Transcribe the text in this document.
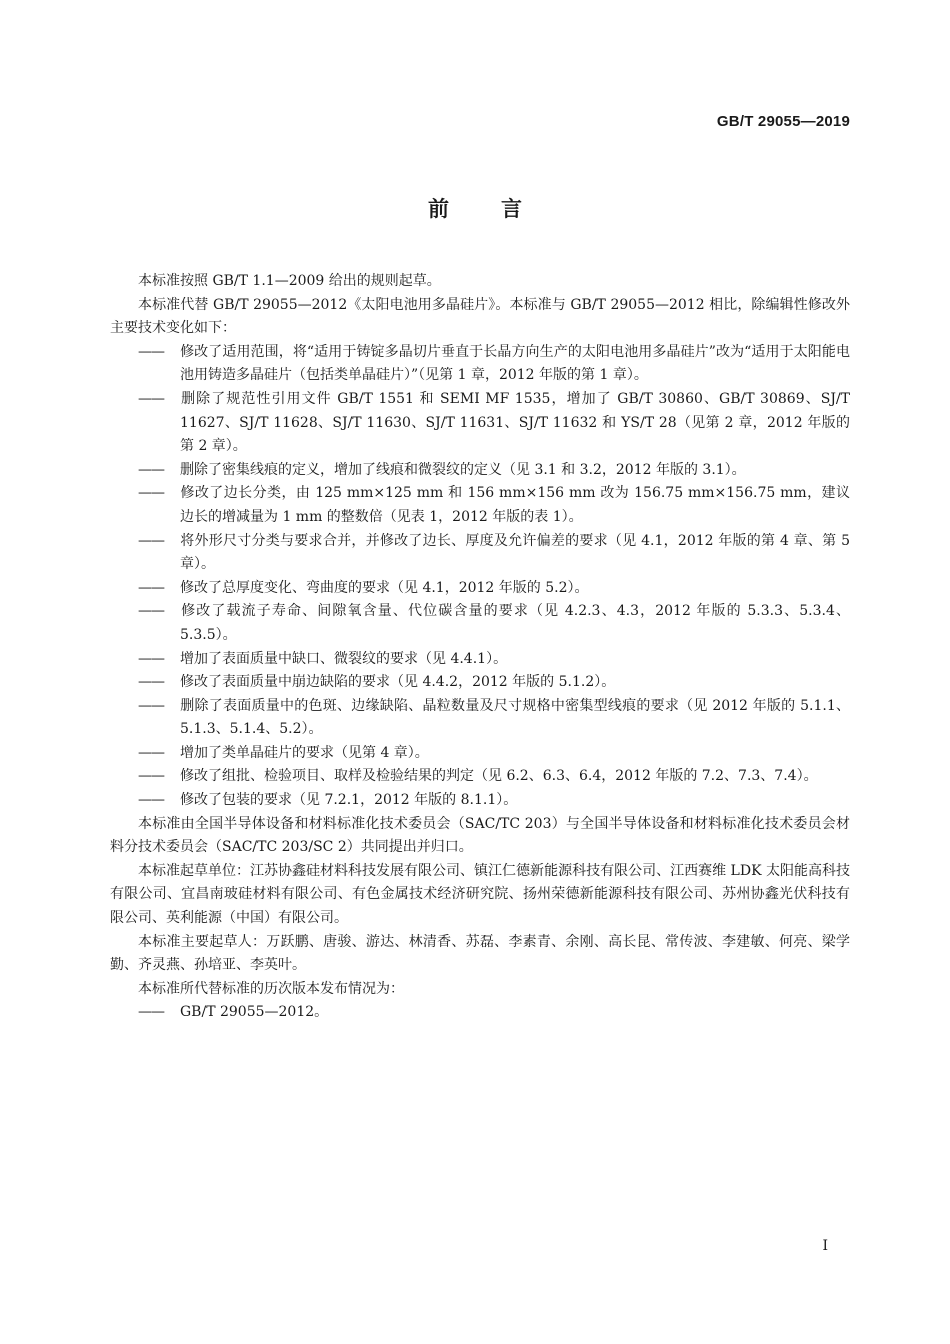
GB/T 29055—2019
前言

本标准按照 GB/T 1.1—2009 给出的规则起草。

本标准代替 GB/T 29055—2012《太阳电池用多晶硅片》。本标准与 GB/T 29055—2012 相比，除编辑性修改外主要技术变化如下：

—— 修改了适用范围，将“适用于铸锭多晶切片垂直于长晶方向生产的太阳电池用多晶硅片”改为“适用于太阳能电池用铸造多晶硅片（包括类单晶硅片）”（见第 1 章，2012 年版的第 1 章）。

—— 删除了规范性引用文件 GB/T 1551 和 SEMI MF 1535，增加了 GB/T 30860、GB/T 30869、SJ/T 11627、SJ/T 11628、SJ/T 11630、SJ/T 11631、SJ/T 11632 和 YS/T 28（见第 2 章，2012 年版的第 2 章）。

—— 删除了密集线痕的定义，增加了线痕和微裂纹的定义（见 3.1 和 3.2，2012 年版的 3.1）。

—— 修改了边长分类，由 125 mm×125 mm 和 156 mm×156 mm 改为 156.75 mm×156.75 mm，建议边长的增减量为 1 mm 的整数倍（见表 1，2012 年版的表 1）。

—— 将外形尺寸分类与要求合并，并修改了边长、厚度及允许偏差的要求（见 4.1，2012 年版的第 4 章、第 5 章）。

—— 修改了总厚度变化、弯曲度的要求（见 4.1，2012 年版的 5.2）。

—— 修改了载流子寿命、间隙氧含量、代位碳含量的要求（见 4.2.3、4.3，2012 年版的 5.3.3、5.3.4、5.3.5）。

—— 增加了表面质量中缺口、微裂纹的要求（见 4.4.1）。

—— 修改了表面质量中崩边缺陷的要求（见 4.4.2，2012 年版的 5.1.2）。

—— 删除了表面质量中的色斑、边缘缺陷、晶粒数量及尺寸规格中密集型线痕的要求（见 2012 年版的 5.1.1、5.1.3、5.1.4、5.2）。

—— 增加了类单晶硅片的要求（见第 4 章）。

—— 修改了组批、检验项目、取样及检验结果的判定（见 6.2、6.3、6.4，2012 年版的 7.2、7.3、7.4）。

—— 修改了包装的要求（见 7.2.1，2012 年版的 8.1.1）。

本标准由全国半导体设备和材料标准化技术委员会（SAC/TC 203）与全国半导体设备和材料标准化技术委员会材料分技术委员会（SAC/TC 203/SC 2）共同提出并归口。

本标准起草单位：江苏协鑫硅材料科技发展有限公司、镇江仁德新能源科技有限公司、江西赛维 LDK 太阳能高科技有限公司、宜昌南玻硅材料有限公司、有色金属技术经济研究院、扬州荣德新能源科技有限公司、苏州协鑫光伏科技有限公司、英利能源（中国）有限公司。

本标准主要起草人：万跃鹏、唐骏、游达、林清香、苏磊、李素青、余刚、高长昆、常传波、李建敏、何亮、梁学勤、齐灵燕、孙培亚、李英叶。

本标准所代替标准的历次版本发布情况为：

—— GB/T 29055—2012。

I
